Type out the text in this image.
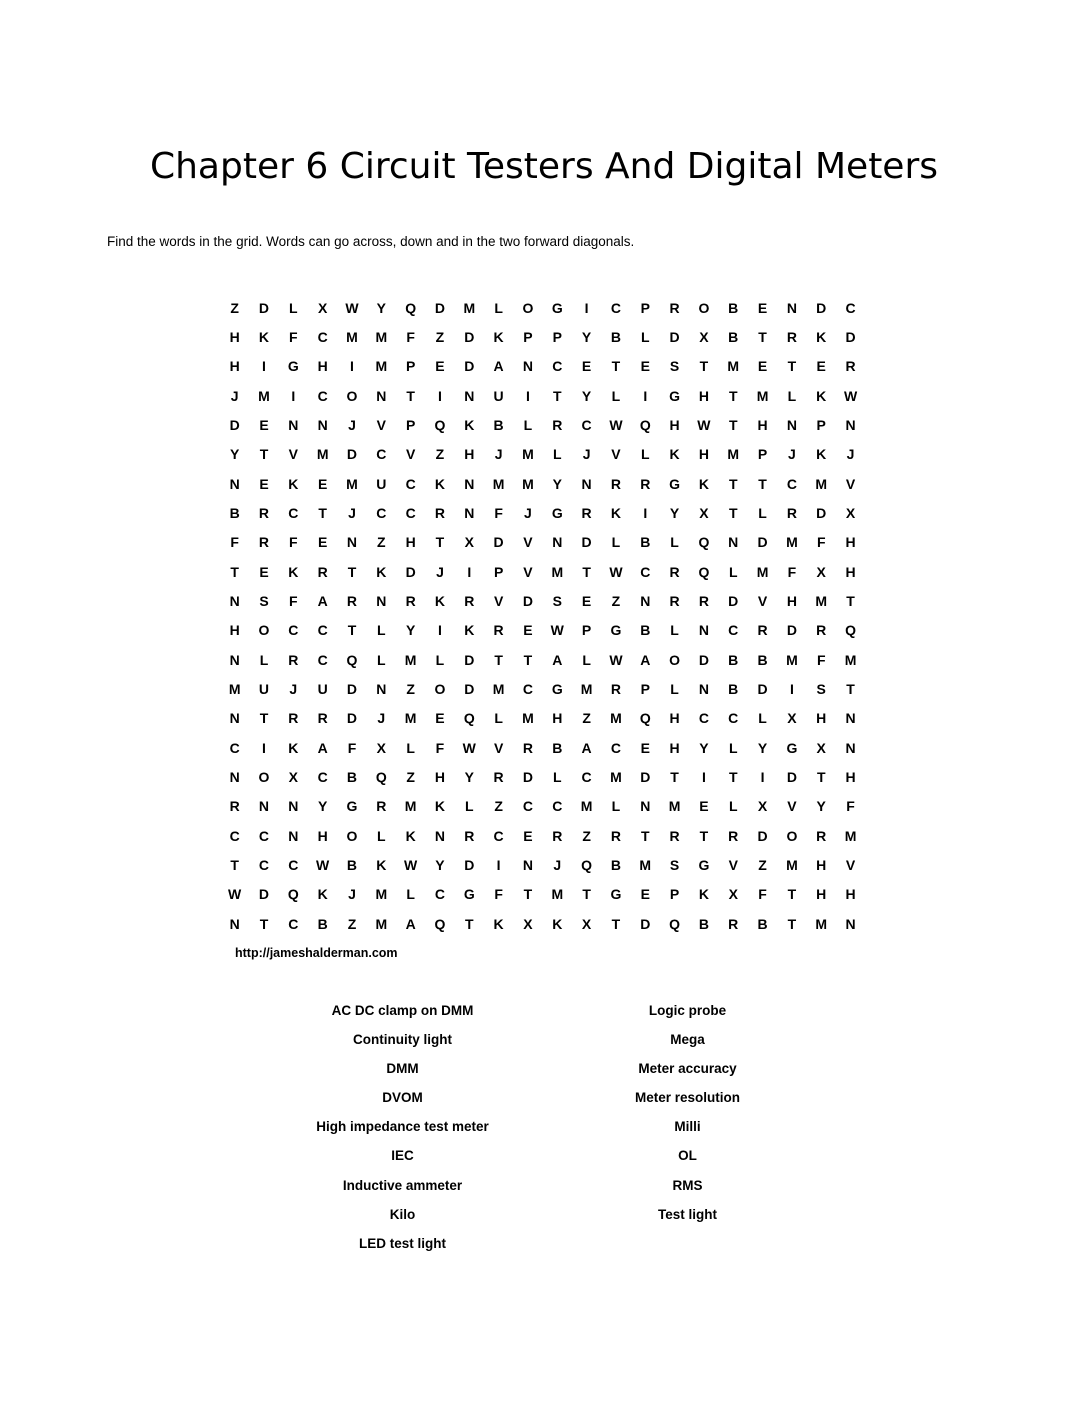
Chapter 6 Circuit Testers And Digital Meters
Find the words in the grid. Words can go across, down and in the two forward diagonals.
Z	D	L	X	W	Y	Q	D	M	L	O	G	I	C	P	R	O	B	E	N	D	C
H	K	F	C	M	M	F	Z	D	K	P	P	Y	B	L	D	X	B	T	R	K	D
H	I	G	H	I	M	P	E	D	A	N	C	E	T	E	S	T	M	E	T	E	R
J	M	I	C	O	N	T	I	N	U	I	T	Y	L	I	G	H	T	M	L	K	W
D	E	N	N	J	V	P	Q	K	B	L	R	C	W	Q	H	W	T	H	N	P	N
Y	T	V	M	D	C	V	Z	H	J	M	L	J	V	L	K	H	M	P	J	K	J
N	E	K	E	M	U	C	K	N	M	M	Y	N	R	R	G	K	T	T	C	M	V
B	R	C	T	J	C	C	R	N	F	J	G	R	K	I	Y	X	T	L	R	D	X
F	R	F	E	N	Z	H	T	X	D	V	N	D	L	B	L	Q	N	D	M	F	H
T	E	K	R	T	K	D	J	I	P	V	M	T	W	C	R	Q	L	M	F	X	H
N	S	F	A	R	N	R	K	R	V	D	S	E	Z	N	R	R	D	V	H	M	T
H	O	C	C	T	L	Y	I	K	R	E	W	P	G	B	L	N	C	R	D	R	Q
N	L	R	C	Q	L	M	L	D	T	T	A	L	W	A	O	D	B	B	M	F	M
M	U	J	U	D	N	Z	O	D	M	C	G	M	R	P	L	N	B	D	I	S	T
N	T	R	R	D	J	M	E	Q	L	M	H	Z	M	Q	H	C	C	L	X	H	N
C	I	K	A	F	X	L	F	W	V	R	B	A	C	E	H	Y	L	Y	G	X	N
N	O	X	C	B	Q	Z	H	Y	R	D	L	C	M	D	T	I	T	I	D	T	H
R	N	N	Y	G	R	M	K	L	Z	C	C	M	L	N	M	E	L	X	V	Y	F
C	C	N	H	O	L	K	N	R	C	E	R	Z	R	T	R	T	R	D	O	R	M
T	C	C	W	B	K	W	Y	D	I	N	J	Q	B	M	S	G	V	Z	M	H	V
W	D	Q	K	J	M	L	C	G	F	T	M	T	G	E	P	K	X	F	T	H	H
N	T	C	B	Z	M	A	Q	T	K	X	K	X	T	D	Q	B	R	B	T	M	N
http://jameshalderman.com
AC DC clamp on DMM
Continuity light
DMM
DVOM
High impedance test meter
IEC
Inductive ammeter
Kilo
LED test light
Logic probe
Mega
Meter accuracy
Meter resolution
Milli
OL
RMS
Test light
